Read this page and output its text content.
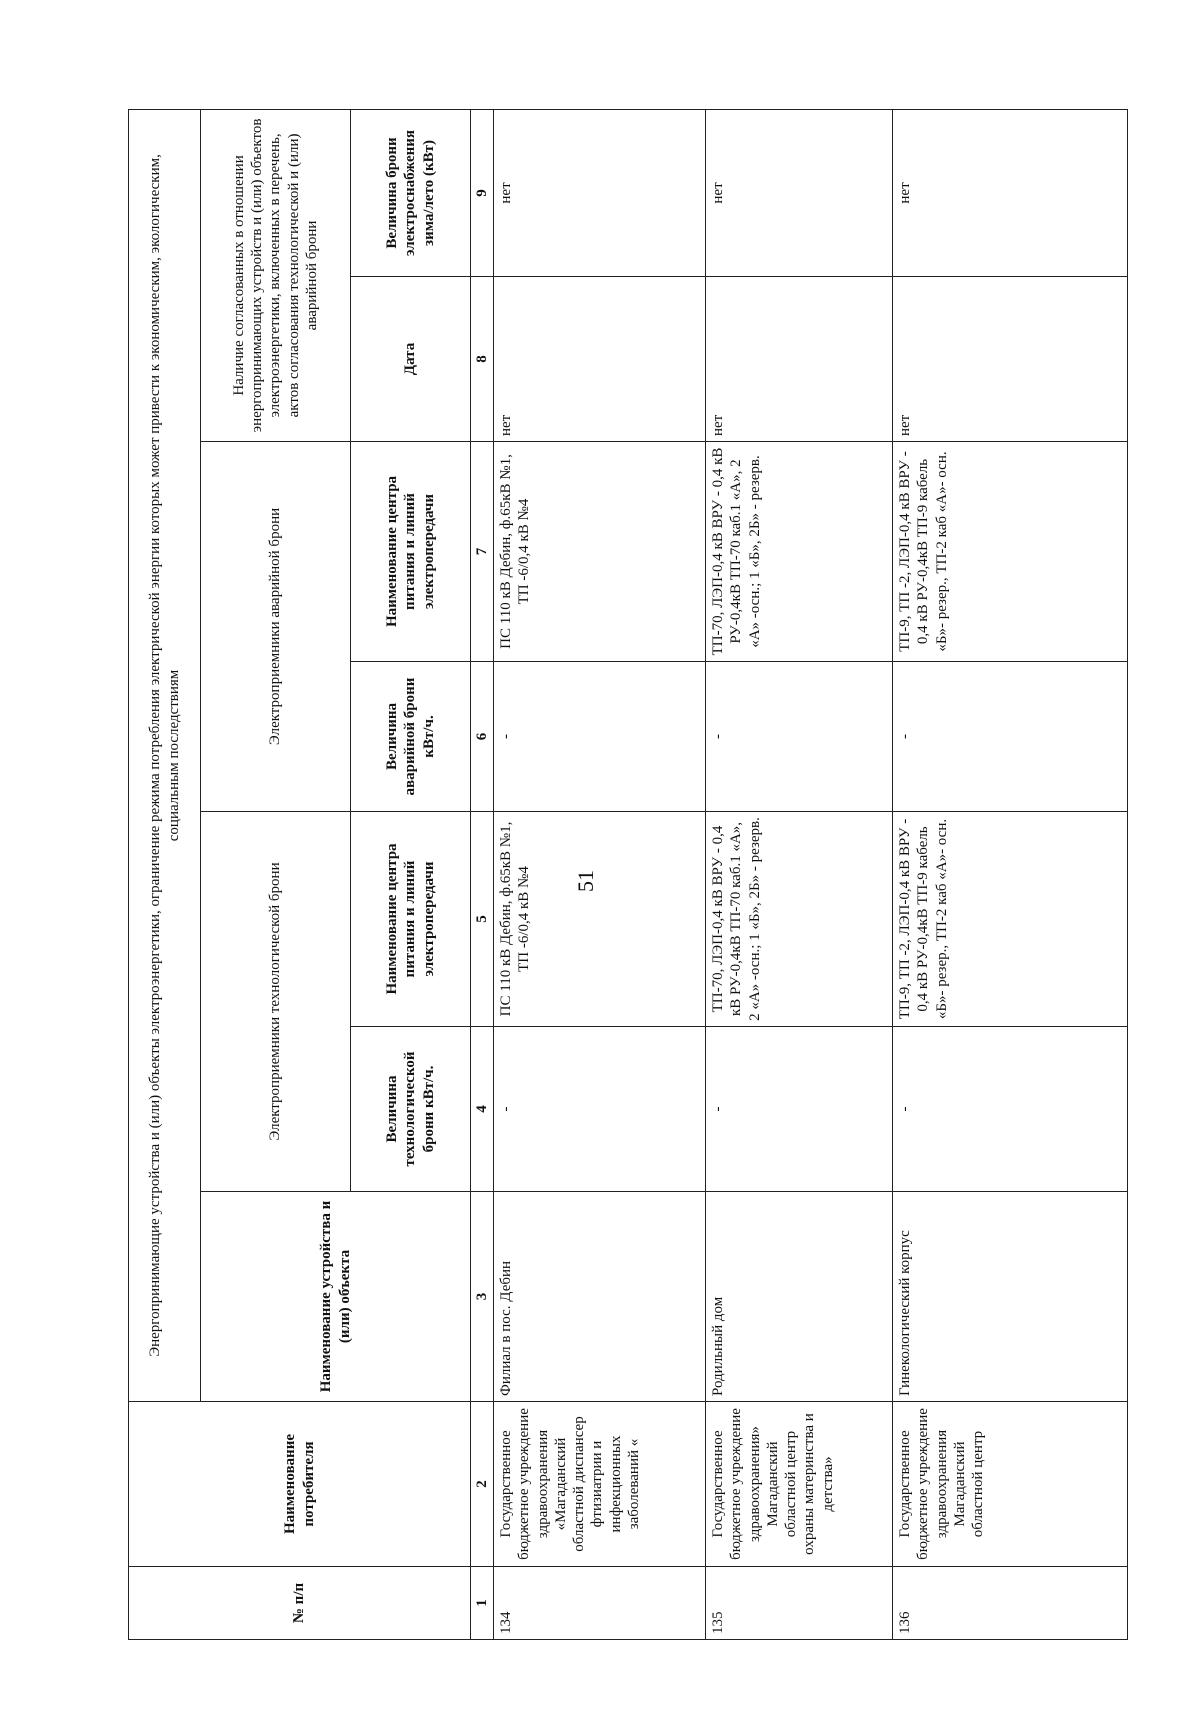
51
№ п/п	Наименование потребителя	Энергопринимающие устройства и (или) объекты электроэнергетики, ограничение режима потребления электрической энергии которых может привести к экономическим, экологическим, социальным последствиям						
		Наименование устройства и (или) объекта	Электроприемники технологической брони		Электроприемники аварийной брони		Наличие согласованных в отношении энергопринимающих устройств и (или) объектов электроэнергетики, включенных в перечень, актов согласования технологической и (или) аварийной брони	
			Величина технологической брони кВт/ч.	Наименование центра питания и линий электропередачи	Величина аварийной брони кВт/ч.	Наименование центра питания и линий электропередачи	Дата	Величина брони электроснабжения зима/лето (кВт)
1	2	3	4	5	6	7	8	9
134	Государственное бюджетное учреждение здравоохранения «Магаданский областной диспансер фтизиатрии и инфекционных заболеваний «	Филиал в пос. Дебин	-	ПС 110 кВ Дебин, ф.65кВ №1, ТП -6/0,4 кВ №4	-	ПС 110 кВ Дебин, ф.65кВ №1, ТП -6/0,4 кВ №4	нет	нет
135	Государственное бюджетное учреждение здравоохранения» Магаданский областной центр охраны материнства и детства»	Родильный дом	-	ТП-70, ЛЭП-0,4 кВ ВРУ - 0,4 кВ РУ-0,4кВ ТП-70 каб.1 «А», 2 «А» -осн.; 1 «Б», 2Б» - резерв.	-	ТП-70, ЛЭП-0,4 кВ ВРУ - 0,4 кВ РУ-0,4кВ ТП-70 каб.1 «А», 2 «А» -осн.; 1 «Б», 2Б» - резерв.	нет	нет
136	Государственное бюджетное учреждение здравоохранения Магаданский областной центр	Гинекологический корпус	-	ТП-9, ТП -2, ЛЭП-0,4 кВ ВРУ - 0,4 кВ РУ-0,4кВ ТП-9 кабель «Б»- резер., ТП-2 каб «А»- осн.	-	ТП-9, ТП -2, ЛЭП-0,4 кВ ВРУ - 0,4 кВ РУ-0,4кВ ТП-9 кабель «Б»- резер., ТП-2 каб «А»- осн.	нет	нет
